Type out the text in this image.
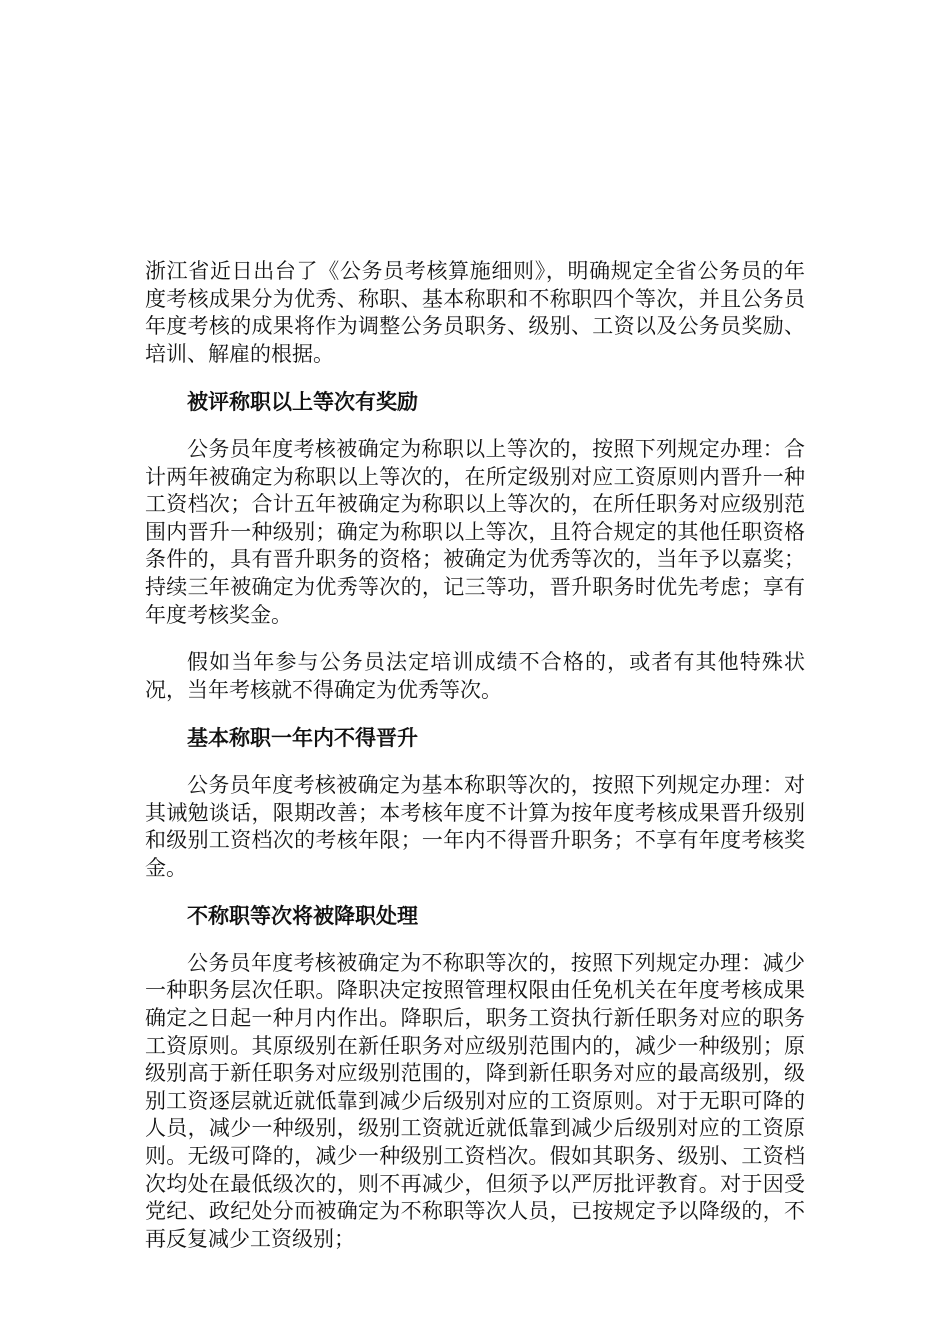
浙江省近日出台了《公务员考核算施细则》，明确规定全省公务员的年度考核成果分为优秀、称职、基本称职和不称职四个等次，并且公务员年度考核的成果将作为调整公务员职务、级别、工资以及公务员奖励、培训、解雇的根据。

被评称职以上等次有奖励

公务员年度考核被确定为称职以上等次的，按照下列规定办理：合计两年被确定为称职以上等次的，在所定级别对应工资原则内晋升一种工资档次；合计五年被确定为称职以上等次的，在所任职务对应级别范围内晋升一种级别；确定为称职以上等次，且符合规定的其他任职资格条件的，具有晋升职务的资格；被确定为优秀等次的，当年予以嘉奖；持续三年被确定为优秀等次的，记三等功，晋升职务时优先考虑；享有年度考核奖金。

假如当年参与公务员法定培训成绩不合格的，或者有其他特殊状况，当年考核就不得确定为优秀等次。

基本称职一年内不得晋升

公务员年度考核被确定为基本称职等次的，按照下列规定办理：对其诫勉谈话，限期改善；本考核年度不计算为按年度考核成果晋升级别和级别工资档次的考核年限；一年内不得晋升职务；不享有年度考核奖金。

不称职等次将被降职处理

公务员年度考核被确定为不称职等次的，按照下列规定办理：减少一种职务层次任职。降职决定按照管理权限由任免机关在年度考核成果确定之日起一种月内作出。降职后，职务工资执行新任职务对应的职务工资原则。其原级别在新任职务对应级别范围内的，减少一种级别；原级别高于新任职务对应级别范围的，降到新任职务对应的最高级别，级别工资逐层就近就低靠到减少后级别对应的工资原则。对于无职可降的人员，减少一种级别，级别工资就近就低靠到减少后级别对应的工资原则。无级可降的，减少一种级别工资档次。假如其职务、级别、工资档次均处在最低级次的，则不再减少，但须予以严厉批评教育。对于因受党纪、政纪处分而被确定为不称职等次人员，已按规定予以降级的，不再反复减少工资级别；
